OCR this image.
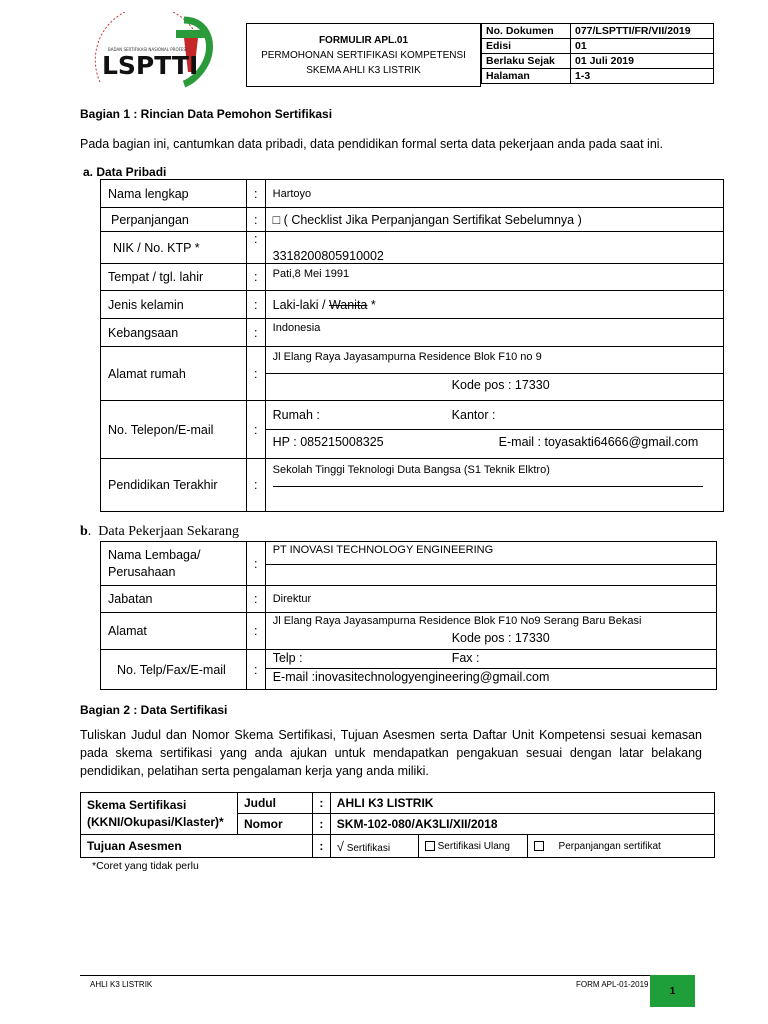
BADAN SERTIFIKASI NASIONAL PROFESI
LSPTTI
FORMULIR APL.01
PERMOHONAN SERTIFIKASI KOMPETENSI
SKEMA AHLI K3 LISTRIK
No. Dokumen	077/LSPTTI/FR/VII/2019
Edisi	01
Berlaku Sejak	01 Juli 2019
Halaman	1-3
Bagian 1 : Rincian Data Pemohon Sertifikasi
Pada bagian ini, cantumkan data pribadi, data pendidikan formal serta data pekerjaan anda pada saat ini.
a. Data Pribadi
Nama lengkap	:	Hartoyo
Perpanjangan	:	□ ( Checklist Jika Perpanjangan Sertifikat Sebelumnya )
NIK / No. KTP *	:	3318200805910002
Tempat / tgl. lahir	:	Pati,8 Mei 1991
Jenis kelamin	:	Laki-laki / Wanita *
Kebangsaan	:	Indonesia
Alamat rumah	:	Jl Elang Raya Jayasampurna Residence Blok F10 no 9
Kode pos : 17330

No. Telepon/E-mail	:	Rumah : Kantor :
HP : 085215008325 E-mail : toyasakti64666@gmail.com

Pendidikan Terakhir	:	Sekolah Tinggi Teknologi Duta Bangsa (S1 Teknik Elktro)
b.  Data Pekerjaan Sekarang
Nama Lembaga/
Perusahaan	:	PT INOVASI TECHNOLOGY ENGINEERING

Jabatan	:	Direktur
Alamat	:	Jl Elang Raya Jayasampurna Residence Blok F10 No9 Serang Baru Bekasi
Kode pos : 17330

No. Telp/Fax/E-mail	:	Telp : Fax :
E-mail :inovasitechnologyengineering@gmail.com
Bagian 2 : Data Sertifikasi
Tuliskan Judul dan Nomor Skema Sertifikasi, Tujuan Asesmen serta Daftar Unit Kompetensi sesuai kemasan pada skema sertifikasi yang anda ajukan untuk mendapatkan pengakuan sesuai dengan latar belakang pendidikan, pelatihan serta pengalaman kerja yang anda miliki.
Skema Sertifikasi
(KKNI/Okupasi/Klaster)*	Judul	:	AHLI K3 LISTRIK		
	Nomor	:	SKM-102-080/AK3LI/XII/2018		
Tujuan Asesmen		:	√ Sertifikasi	Sertifikasi Ulang	Perpanjangan sertifikat
*Coret yang tidak perlu
AHLI K3 LISTRIK	FORM APL-01-2019
1
